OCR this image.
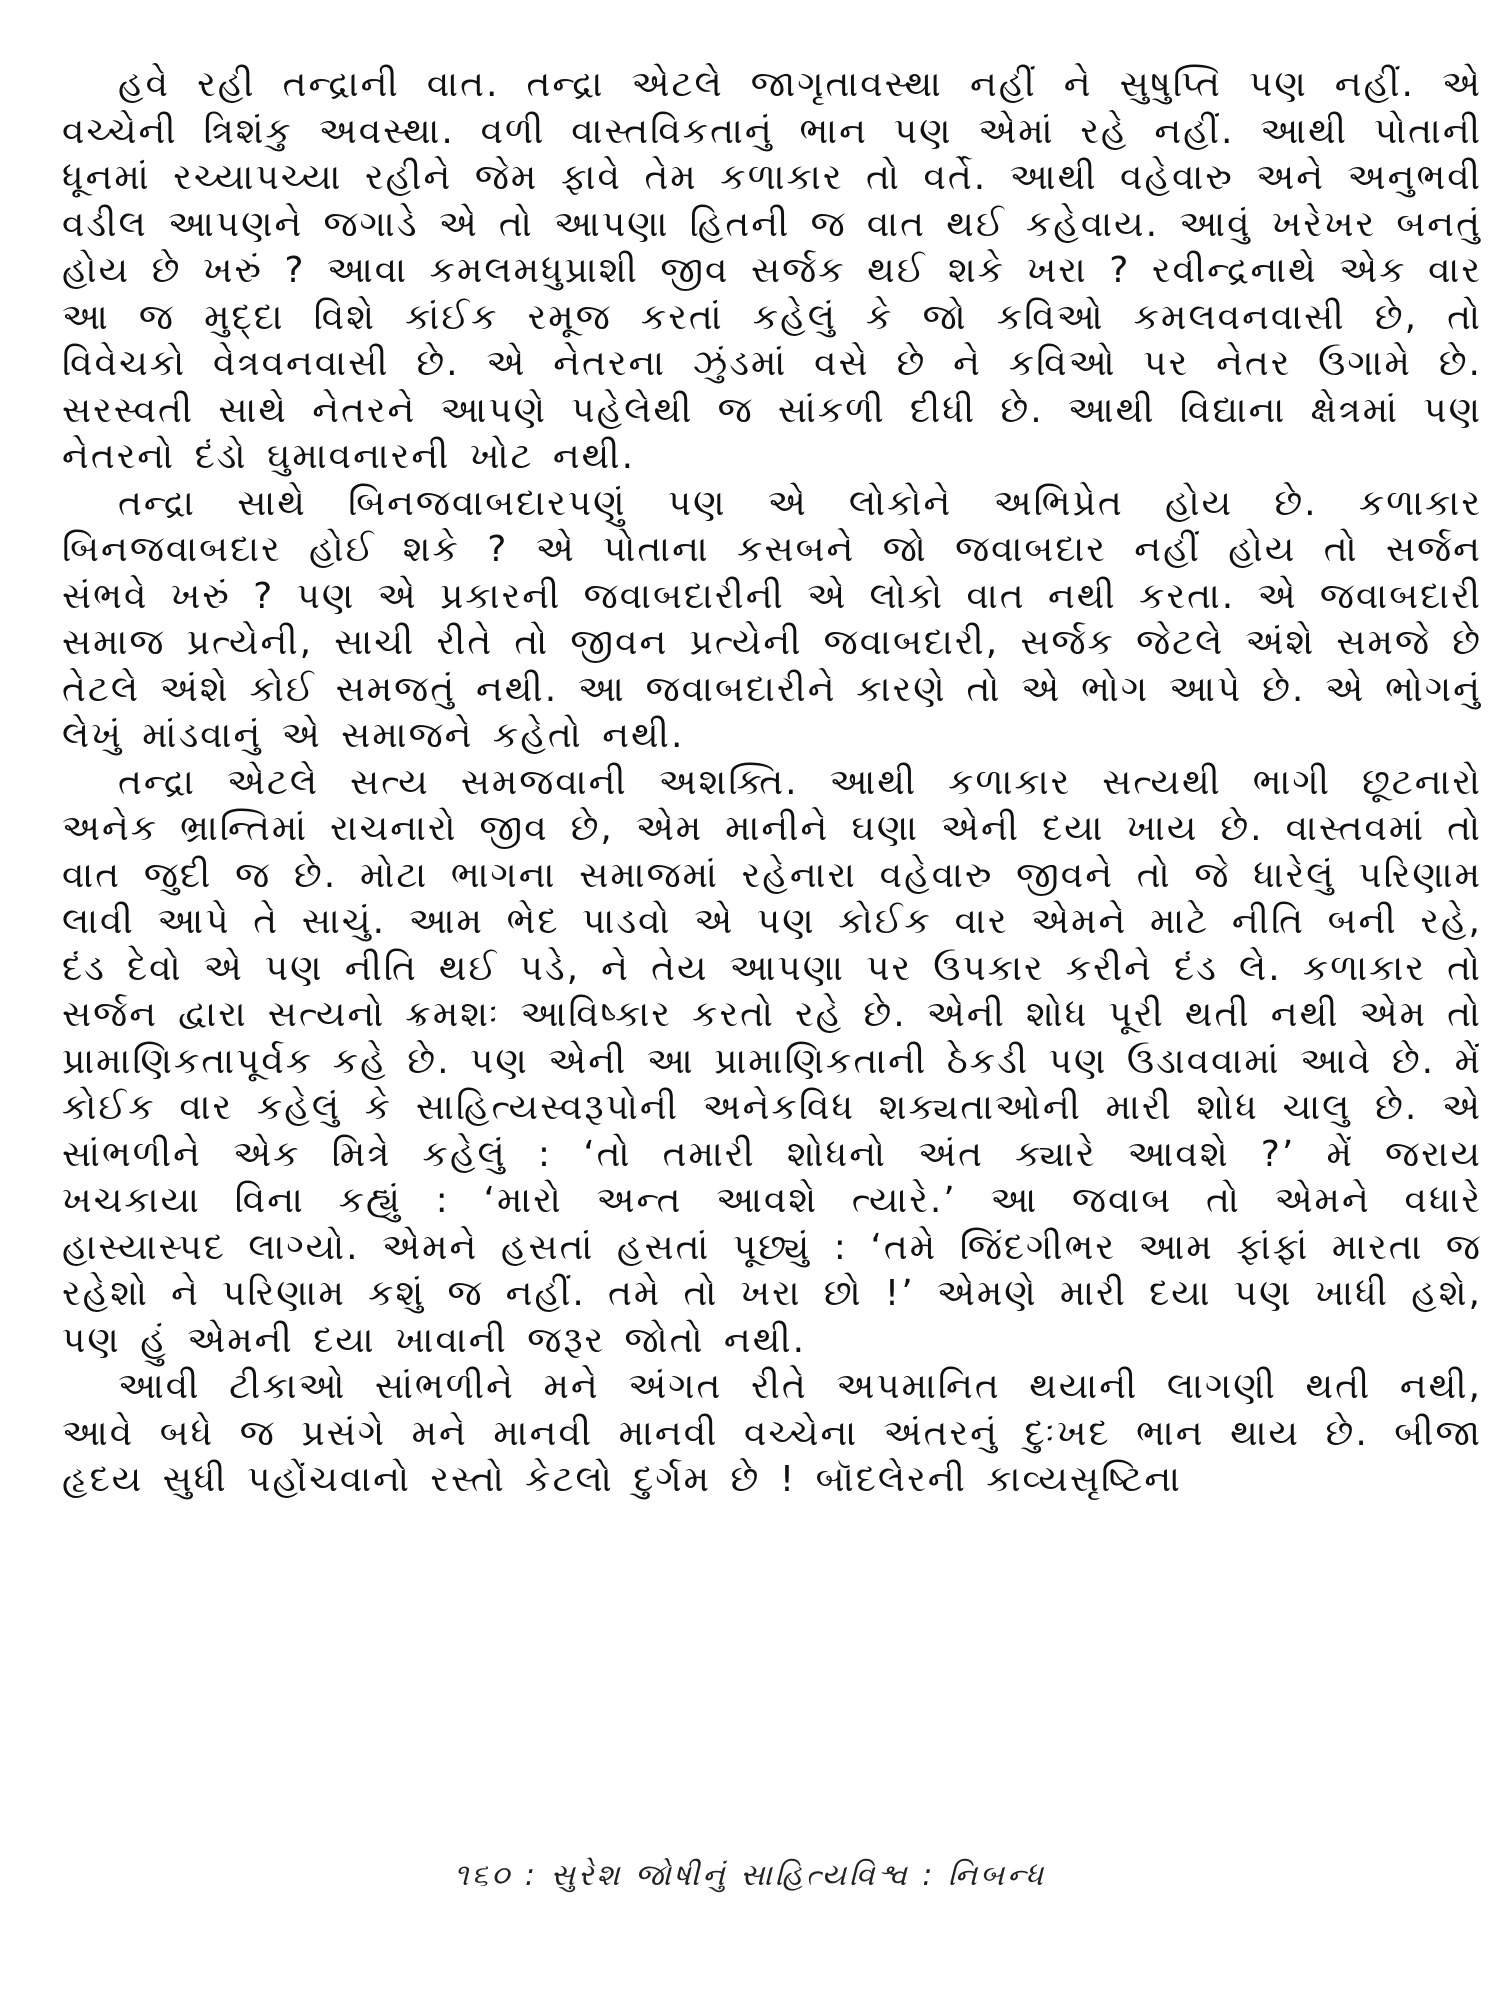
હવે રહી તન્દ્રાની વાત. તન્દ્રા એટલે જાગૃતાવસ્થા નહીં ને સુષુપ્તિ પણ નહીં. એ વચ્ચેની ત્રિશંકુ અવસ્થા. વળી વાસ્તવિકતાનું ભાન પણ એમાં રહે નહીં. આથી પોતાની ધૂનમાં રચ્યાપચ્યા રહીને જેમ ફાવે તેમ કળાકાર તો વર્તે. આથી વહેવારુ અને અનુભવી વડીલ આપણને જગાડે એ તો આપણા હિતની જ વાત થઈ કહેવાય. આવું ખરેખર બનતું હોય છે ખરું ? આવા કમલમધુપ્રાશી જીવ સર્જક થઈ શકે ખરા ? રવીન્દ્રનાથે એક વાર આ જ મુદ્દા વિશે કાંઈક રમૂજ કરતાં કહેલું કે જો કવિઓ કમલવનવાસી છે, તો વિવેચકો વેત્રવનવાસી છે. એ નેતરના ઝુંડમાં વસે છે ને કવિઓ પર નેતર ઉગામે છે. સરસ્વતી સાથે નેતરને આપણે પહેલેથી જ સાંકળી દીધી છે. આથી વિદ્યાના ક્ષેત્રમાં પણ નેતરનો દંડો ઘુમાવનારની ખોટ નથી.

તન્દ્રા સાથે બિનજવાબદારપણું પણ એ લોકોને અભિપ્રેત હોય છે. કળાકાર બિનજવાબદાર હોઈ શકે ? એ પોતાના કસબને જો જવાબદાર નહીં હોય તો સર્જન સંભવે ખરું ? પણ એ પ્રકારની જવાબદારીની એ લોકો વાત નથી કરતા. એ જવાબદારી સમાજ પ્રત્યેની, સાચી રીતે તો જીવન પ્રત્યેની જવાબદારી, સર્જક જેટલે અંશે સમજે છે તેટલે અંશે કોઈ સમજતું નથી. આ જવાબદારીને કારણે તો એ ભોગ આપે છે. એ ભોગનું લેખું માંડવાનું એ સમાજને કહેતો નથી.

તન્દ્રા એટલે સત્ય સમજવાની અશક્તિ. આથી કળાકાર સત્યથી ભાગી છૂટનારો અનેક ભ્રાન્તિમાં રાચનારો જીવ છે, એમ માનીને ઘણા એની દયા ખાય છે. વાસ્તવમાં તો વાત જુદી જ છે. મોટા ભાગના સમાજમાં રહેનારા વહેવારુ જીવને તો જે ધારેલું પરિણામ લાવી આપે તે સાચું. આમ ભેદ પાડવો એ પણ કોઈક વાર એમને માટે નીતિ બની રહે, દંડ દેવો એ પણ નીતિ થઈ પડે, ને તેય આપણા પર ઉપકાર કરીને દંડ લે. કળાકાર તો સર્જન દ્વારા સત્યનો ક્રમશઃ આવિષ્કાર કરતો રહે છે. એની શોધ પૂરી થતી નથી એમ તો પ્રામાણિકતાપૂર્વક કહે છે. પણ એની આ પ્રામાણિકતાની ઠેકડી પણ ઉડાવવામાં આવે છે. મેં કોઈક વાર કહેલું કે સાહિત્યસ્વરૂપોની અનેકવિધ શક્યતાઓની મારી શોધ ચાલુ છે. એ સાંભળીને એક મિત્રે કહેલું : ‘તો તમારી શોધનો અંત ક્યારે આવશે ?’ મેં જરાય ખચકાયા વિના કહ્યું : ‘મારો અન્ત આવશે ત્યારે.’ આ જવાબ તો એમને વધારે હાસ્યાસ્પદ લાગ્યો. એમને હસતાં હસતાં પૂછ્યું : ‘તમે જિંદગીભર આમ ફાંફાં મારતા જ રહેશો ને પરિણામ કશું જ નહીં. તમે તો ખરા છો !’ એમણે મારી દયા પણ ખાધી હશે, પણ હું એમની દયા ખાવાની જરૂર જોતો નથી.

આવી ટીકાઓ સાંભળીને મને અંગત રીતે અપમાનિત થયાની લાગણી થતી નથી, આવે બધે જ પ્રસંગે મને માનવી માનવી વચ્ચેના અંતરનું દુઃખદ ભાન થાય છે. બીજા હૃદય સુધી પહોંચવાનો રસ્તો કેટલો દુર્ગમ છે ! બૉદલેરની કાવ્યસૃષ્ટિના

૧૬૦ : સુરેશ જોષીનું સાહિત્યવિશ્વ : નિબન્ધ
